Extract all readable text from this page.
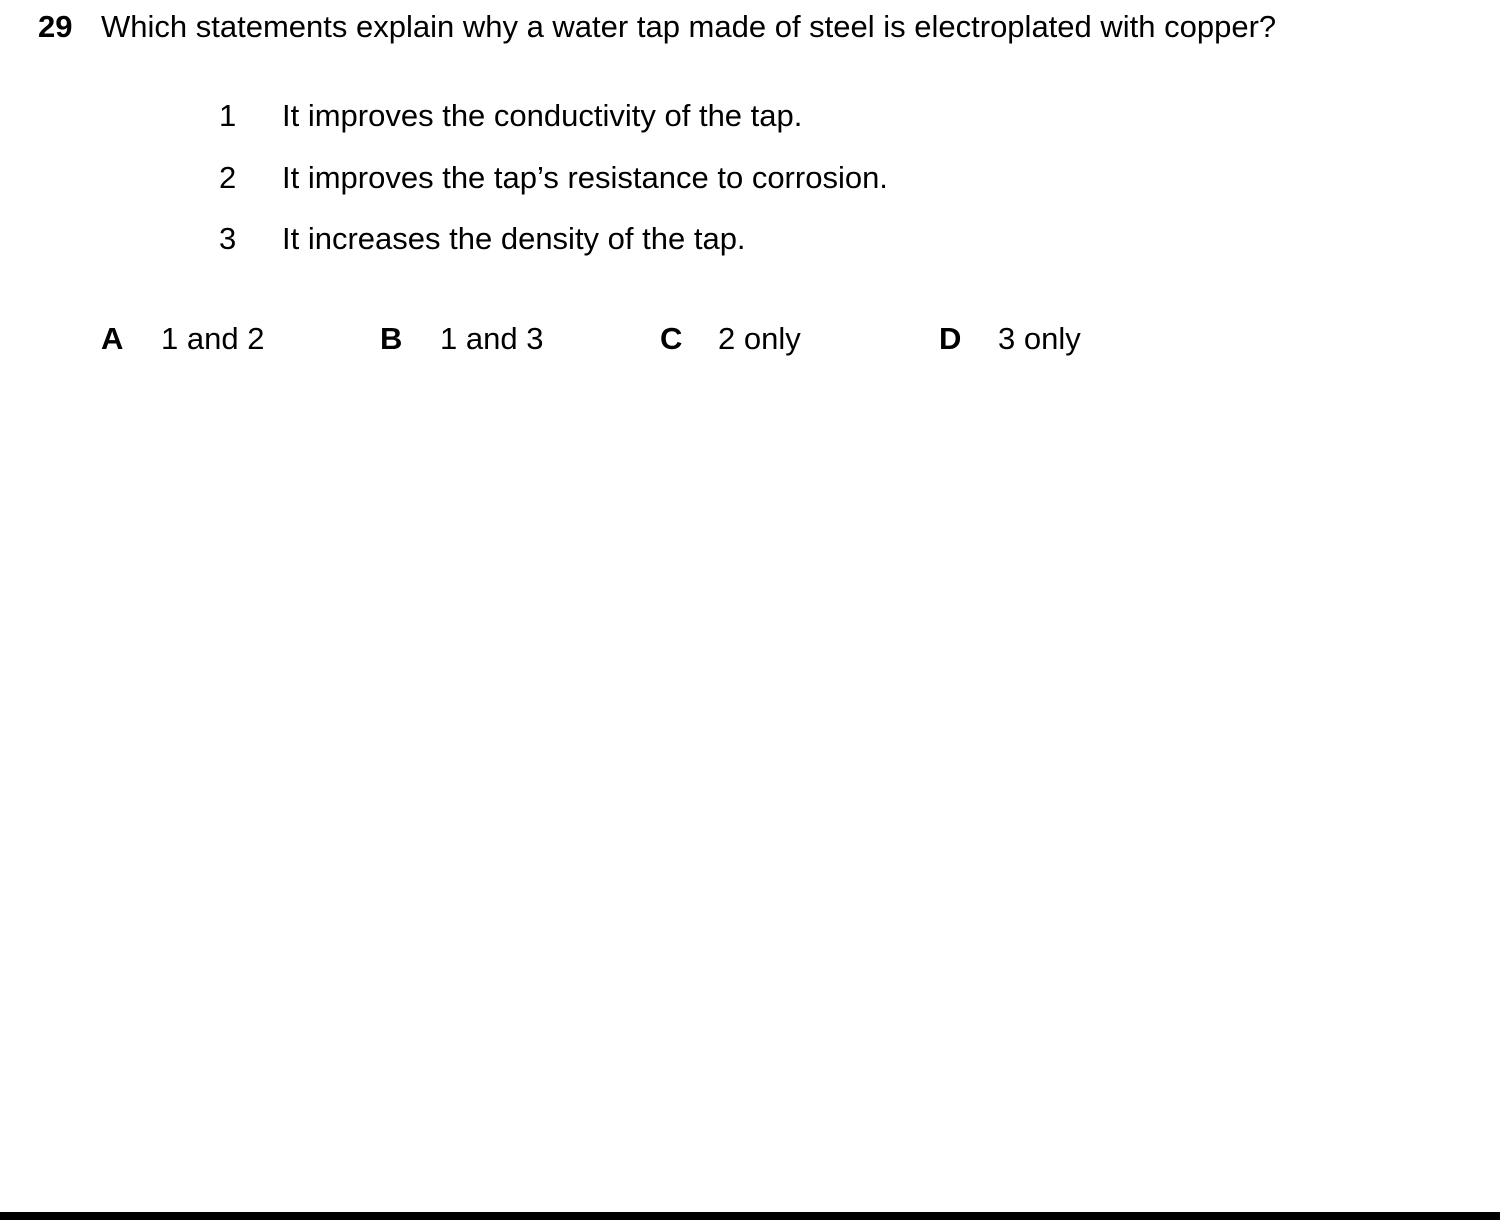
29 Which statements explain why a water tap made of steel is electroplated with copper?
1 It improves the conductivity of the tap.
2 It improves the tap’s resistance to corrosion.
3 It increases the density of the tap.
A 1 and 2	B 1 and 3	C 2 only	D 3 only
